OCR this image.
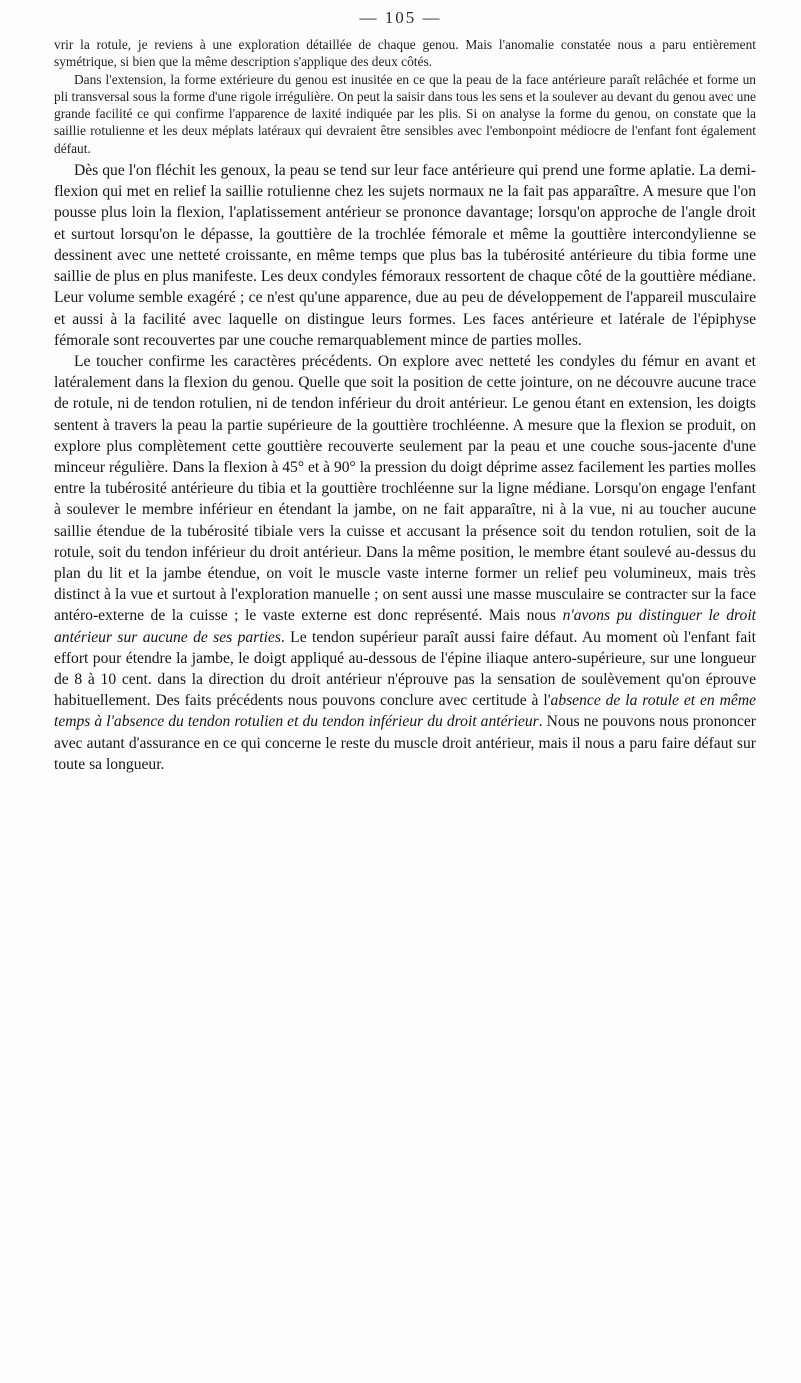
— 105 —

vrir la rotule, je reviens à une exploration détaillée de chaque genou. Mais l'anomalie constatée nous a paru entièrement symétrique, si bien que la même description s'applique des deux côtés.

Dans l'extension, la forme extérieure du genou est inusitée en ce que la peau de la face antérieure paraît relâchée et forme un pli transversal sous la forme d'une rigole irrégulière. On peut la saisir dans tous les sens et la soulever au devant du genou avec une grande facilité ce qui confirme l'apparence de laxité indiquée par les plis. Si on analyse la forme du genou, on constate que la saillie rotulienne et les deux méplats latéraux qui devraient être sensibles avec l'embonpoint médiocre de l'enfant font également défaut.

Dès que l'on fléchit les genoux, la peau se tend sur leur face antérieure qui prend une forme aplatie. La demi-flexion qui met en relief la saillie rotulienne chez les sujets normaux ne la fait pas apparaître. A mesure que l'on pousse plus loin la flexion, l'aplatissement antérieur se prononce davantage; lorsqu'on approche de l'angle droit et surtout lorsqu'on le dépasse, la gouttière de la trochlée fémorale et même la gouttière intercondylienne se dessinent avec une netteté croissante, en même temps que plus bas la tubérosité antérieure du tibia forme une saillie de plus en plus manifeste. Les deux condyles fémoraux ressortent de chaque côté de la gouttière médiane. Leur volume semble exagéré ; ce n'est qu'une apparence, due au peu de développement de l'appareil musculaire et aussi à la facilité avec laquelle on distingue leurs formes. Les faces antérieure et latérale de l'épiphyse fémorale sont recouvertes par une couche remarquablement mince de parties molles.

Le toucher confirme les caractères précédents. On explore avec netteté les condyles du fémur en avant et latéralement dans la flexion du genou. Quelle que soit la position de cette jointure, on ne découvre aucune trace de rotule, ni de tendon rotulien, ni de tendon inférieur du droit antérieur. Le genou étant en extension, les doigts sentent à travers la peau la partie supérieure de la gouttière trochléenne. A mesure que la flexion se produit, on explore plus complètement cette gouttière recouverte seulement par la peau et une couche sous-jacente d'une minceur régulière. Dans la flexion à 45° et à 90° la pression du doigt déprime assez facilement les parties molles entre la tubérosité antérieure du tibia et la gouttière trochléenne sur la ligne médiane. Lorsqu'on engage l'enfant à soulever le membre inférieur en étendant la jambe, on ne fait apparaître, ni à la vue, ni au toucher aucune saillie étendue de la tubérosité tibiale vers la cuisse et accusant la présence soit du tendon rotulien, soit de la rotule, soit du tendon inférieur du droit antérieur. Dans la même position, le membre étant soulevé au-dessus du plan du lit et la jambe étendue, on voit le muscle vaste interne former un relief peu volumineux, mais très distinct à la vue et surtout à l'exploration manuelle ; on sent aussi une masse musculaire se contracter sur la face antéro-externe de la cuisse ; le vaste externe est donc représenté. Mais nous n'avons pu distinguer le droit antérieur sur aucune de ses parties. Le tendon supérieur paraît aussi faire défaut. Au moment où l'enfant fait effort pour étendre la jambe, le doigt appliqué au-dessous de l'épine iliaque antero-supérieure, sur une longueur de 8 à 10 cent. dans la direction du droit antérieur n'éprouve pas la sensation de soulèvement qu'on éprouve habituellement. Des faits précédents nous pouvons conclure avec certitude à l'absence de la rotule et en même temps à l'absence du tendon rotulien et du tendon inférieur du droit antérieur. Nous ne pouvons nous prononcer avec autant d'assurance en ce qui concerne le reste du muscle droit antérieur, mais il nous a paru faire défaut sur toute sa longueur.
